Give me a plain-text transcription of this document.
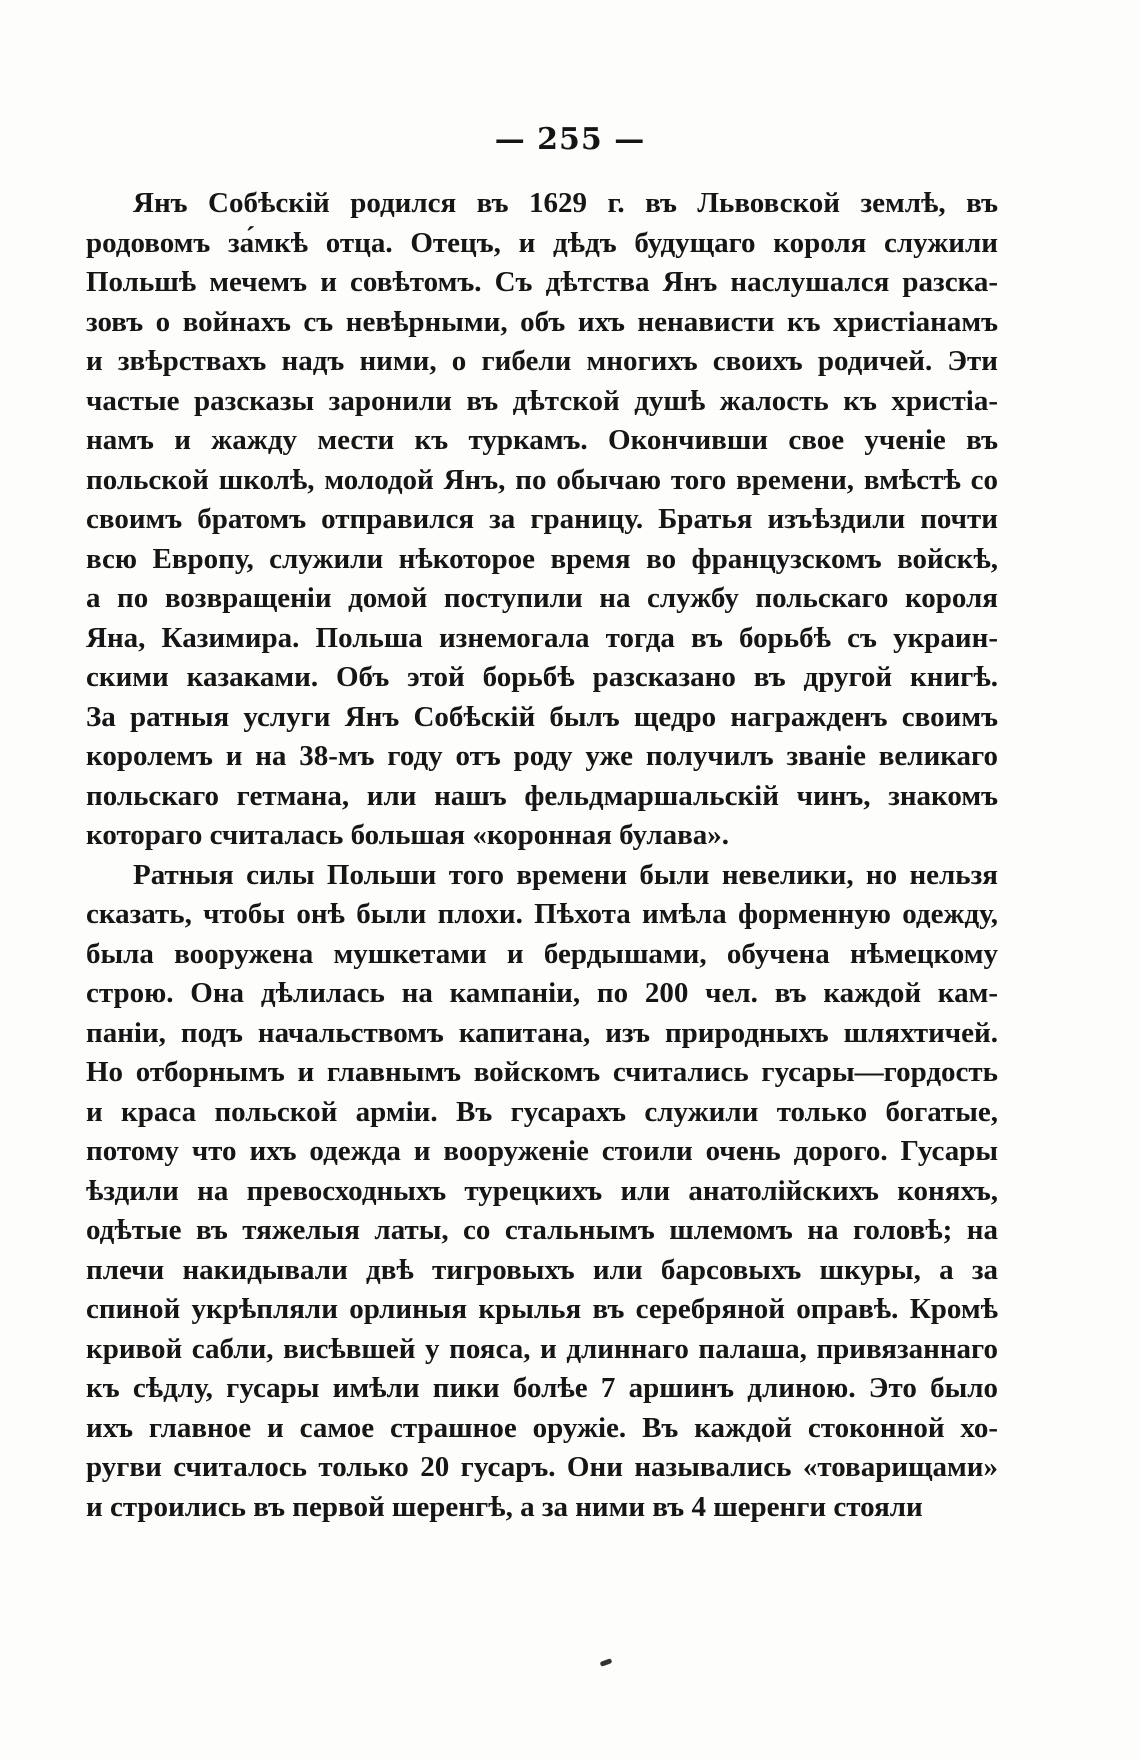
— 255 —
Янъ Собѣскій родился въ 1629 г. въ Львовской землѣ, въ
родовомъ за́мкѣ отца. Отецъ, и дѣдъ будущаго короля служили
Польшѣ мечемъ и совѣтомъ. Съ дѣтства Янъ наслушался разска-
зовъ о войнахъ съ невѣрными, объ ихъ ненависти къ христіанамъ
и звѣрствахъ надъ ними, о гибели многихъ своихъ родичей. Эти
частые разсказы заронили въ дѣтской душѣ жалость къ христіа-
намъ и жажду мести къ туркамъ. Окончивши свое ученіе въ
польской школѣ, молодой Янъ, по обычаю того времени, вмѣстѣ со
своимъ братомъ отправился за границу. Братья изъѣздили почти
всю Европу, служили нѣкоторое время во французскомъ войскѣ,
а по возвращеніи домой поступили на службу польскаго короля
Яна, Казимира. Польша изнемогала тогда въ борьбѣ съ украин-
скими казаками. Объ этой борьбѣ разсказано въ другой книгѣ.
За ратныя услуги Янъ Собѣскій былъ щедро награжденъ своимъ
королемъ и на 38-мъ году отъ роду уже получилъ званіе великаго
польскаго гетмана, или нашъ фельдмаршальскій чинъ, знакомъ
котораго считалась большая «коронная булава».
Ратныя силы Польши того времени были невелики, но нельзя
сказать, чтобы онѣ были плохи. Пѣхота имѣла форменную одежду,
была вооружена мушкетами и бердышами, обучена нѣмецкому
строю. Она дѣлилась на кампаніи, по 200 чел. въ каждой кам-
паніи, подъ начальствомъ капитана, изъ природныхъ шляхтичей.
Но отборнымъ и главнымъ войскомъ считались гусары—гордость
и краса польской арміи. Въ гусарахъ служили только богатые,
потому что ихъ одежда и вооруженіе стоили очень дорого. Гусары
ѣздили на превосходныхъ турецкихъ или анатолійскихъ коняхъ,
одѣтые въ тяжелыя латы, со стальнымъ шлемомъ на головѣ; на
плечи накидывали двѣ тигровыхъ или барсовыхъ шкуры, а за
спиной укрѣпляли орлиныя крылья въ серебряной оправѣ. Кромѣ
кривой сабли, висѣвшей у пояса, и длиннаго палаша, привязаннаго
къ сѣдлу, гусары имѣли пики болѣе 7 аршинъ длиною. Это было
ихъ главное и самое страшное оружіе. Въ каждой стоконной хо-
ругви считалось только 20 гусаръ. Они назывались «товарищами»
и строились въ первой шеренгѣ, а за ними въ 4 шеренги стояли
